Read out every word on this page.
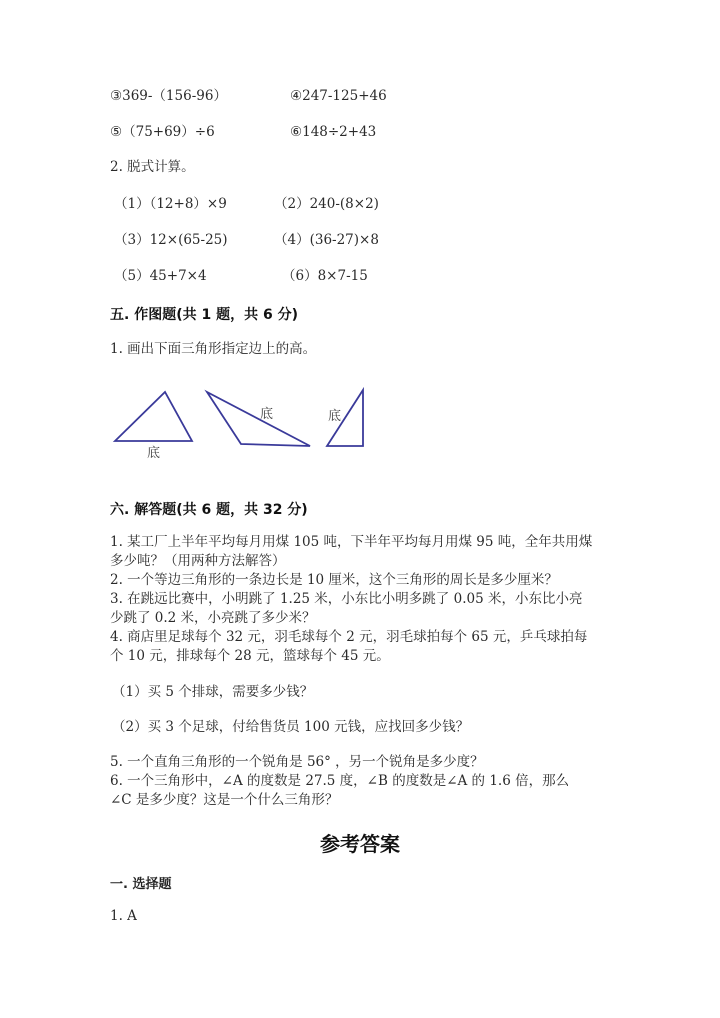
③369-（156-96）	④247-125+46
⑤（75+69）÷6	⑥148÷2+43
2. 脱式计算。
（1）（12+8）×9	（2）240-(8×2)
（3）12×(65-25)	（4）(36-27)×8
（5）45+7×4	（6）8×7-15
五. 作图题(共 1 题，共 6 分)
1. 画出下面三角形指定边上的高。
底
底	底
六. 解答题(共 6 题，共 32 分)
1. 某工厂上半年平均每月用煤 105 吨，下半年平均每月用煤 95 吨，全年共用煤
多少吨？（用两种方法解答）
2. 一个等边三角形的一条边长是 10 厘米，这个三角形的周长是多少厘米？
3. 在跳远比赛中，小明跳了 1.25 米，小东比小明多跳了 0.05 米，小东比小亮
少跳了 0.2 米，小亮跳了多少米？
4. 商店里足球每个 32 元，羽毛球每个 2 元，羽毛球拍每个 65 元，乒乓球拍每
个 10 元，排球每个 28 元，篮球每个 45 元。
（1）买 5 个排球，需要多少钱？
（2）买 3 个足球，付给售货员 100 元钱，应找回多少钱？
5. 一个直角三角形的一个锐角是 56° ，另一个锐角是多少度？
6. 一个三角形中，∠A 的度数是 27.5 度，∠B 的度数是∠A 的 1.6 倍，那么
∠C 是多少度？这是一个什么三角形？
参考答案
一. 选择题
1. A
